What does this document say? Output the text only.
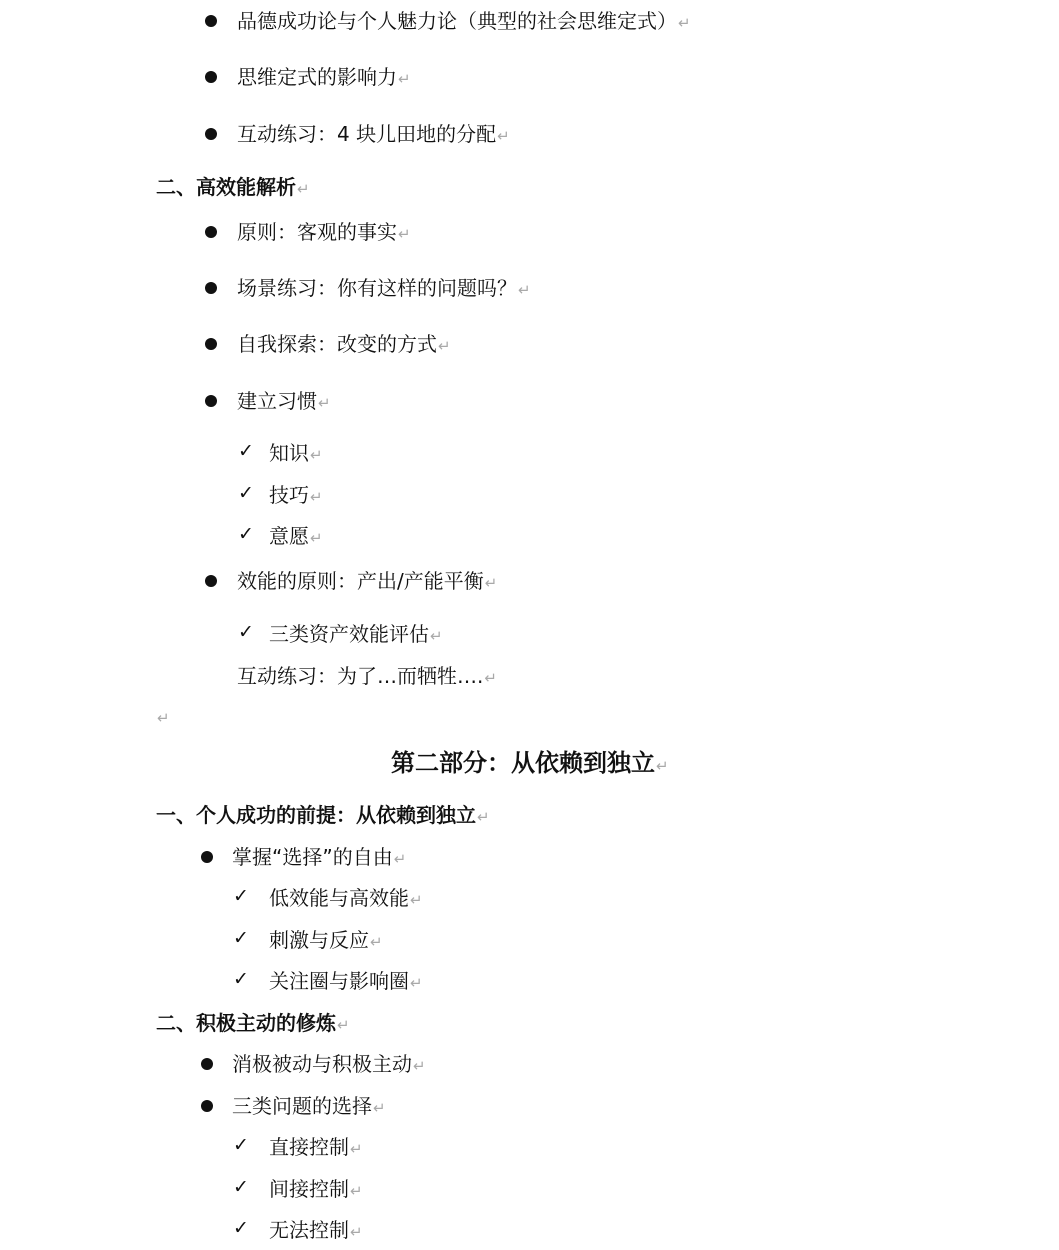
品德成功论与个人魅力论（典型的社会思维定式）↵
思维定式的影响力↵
互动练习：4 块儿田地的分配↵
二、高效能解析↵
原则：客观的事实↵
场景练习：你有这样的问题吗？↵
自我探索：改变的方式↵
建立习惯↵
✓ 知识↵
✓ 技巧↵
✓ 意愿↵
效能的原则：产出/产能平衡↵
✓ 三类资产效能评估↵
互动练习：为了…而牺牲….↵
↵
第二部分：从依赖到独立↵
一、个人成功的前提：从依赖到独立↵
掌握“选择”的自由↵
✓ 低效能与高效能↵
✓ 刺激与反应↵
✓ 关注圈与影响圈↵
二、积极主动的修炼↵
消极被动与积极主动↵
三类问题的选择↵
✓ 直接控制↵
✓ 间接控制↵
✓ 无法控制↵
